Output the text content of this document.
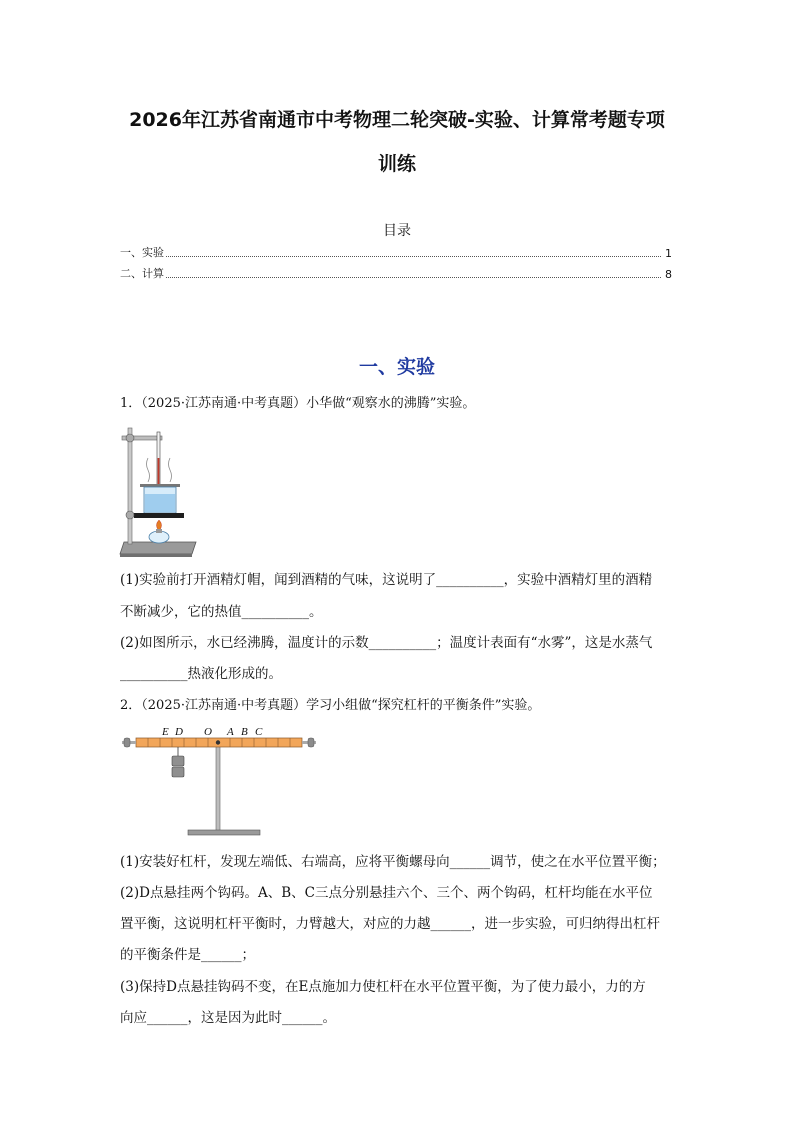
2026年江苏省南通市中考物理二轮突破-实验、计算常考题专项
训练
目录
一、实验	1
二、计算	8
一、实验
1．（2025·江苏南通·中考真题）小华做“观察水的沸腾”实验。
(1)实验前打开酒精灯帽，闻到酒精的气味，这说明了__________，实验中酒精灯里的酒精
不断减少，它的热值__________。
(2)如图所示，水已经沸腾，温度计的示数__________；温度计表面有“水雾”，这是水蒸气
__________热液化形成的。
2．（2025·江苏南通·中考真题）学习小组做“探究杠杆的平衡条件”实验。
E D O A B C
(1)安装好杠杆，发现左端低、右端高，应将平衡螺母向______调节，使之在水平位置平衡；
(2)D点悬挂两个钩码。A、B、C三点分别悬挂六个、三个、两个钩码，杠杆均能在水平位
置平衡，这说明杠杆平衡时，力臂越大，对应的力越______，进一步实验，可归纳得出杠杆
的平衡条件是______；
(3)保持D点悬挂钩码不变，在E点施加力使杠杆在水平位置平衡，为了使力最小，力的方
向应______，这是因为此时______。
